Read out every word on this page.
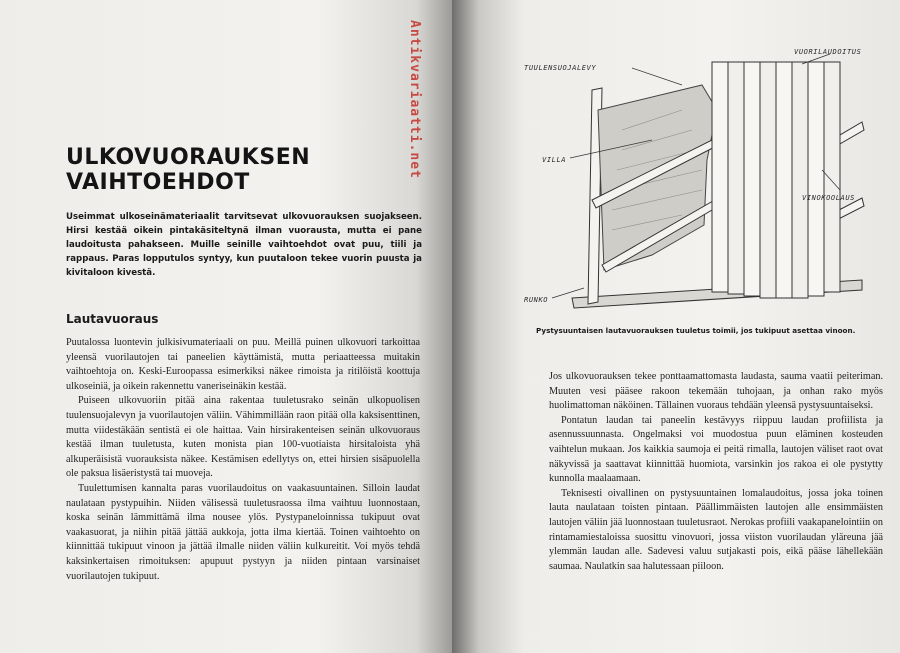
ULKOVUORAUKSEN
VAIHTOEHDOT

Useimmat ulkoseinämateriaalit tarvitsevat ulkovuorauksen suojakseen. Hirsi kestää oikein pintakäsiteltynä ilman vuorausta, mutta ei pane laudoitusta pahakseen. Muille seinille vaihtoehdot ovat puu, tiili ja rappaus. Paras lopputulos syntyy, kun puutaloon tekee vuorin puusta ja kivitaloon kivestä.

Lautavuoraus

Puutalossa luontevin julkisivumateriaali on puu. Meillä puinen ulkovuori tarkoittaa yleensä vuorilautojen tai paneelien käyttämistä, mutta periaatteessa muitakin vaihtoehtoja on. Keski-Euroopassa esimerkiksi näkee rimoista ja ritilöistä koottuja ulkoseiniä, ja oikein rakennettu vaneriseinäkin kestää.

Puiseen ulkovuoriin pitää aina rakentaa tuuletusrako seinän ulkopuolisen tuulensuojalevyn ja vuorilautojen väliin. Vähimmillään raon pitää olla kaksisenttinen, mutta viidestäkään sentistä ei ole haittaa. Vain hirsirakenteisen seinän ulkovuoraus kestää ilman tuuletusta, kuten monista pian 100-vuotiaista hirsitaloista yhä alkuperäisistä vuorauksista näkee. Kestämisen edellytys on, ettei hirsien sisäpuolella ole paksua lisäeristystä tai muoveja.

Tuulettumisen kannalta paras vuorilaudoitus on vaakasuuntainen. Silloin laudat naulataan pystypuihin. Niiden välisessä tuuletusraossa ilma vaihtuu luonnostaan, koska seinän lämmittämä ilma nousee ylös. Pystypaneloinnissa tukipuut ovat vaakasuorat, ja niihin pitää jättää aukkoja, jotta ilma kiertää. Toinen vaihtoehto on kiinnittää tukipuut vinoon ja jättää ilmalle niiden väliin kulkureitit. Voi myös tehdä kaksinkertaisen rimoituksen: apupuut pystyyn ja niiden pintaan varsinaiset vuorilautojen tukipuut.

Antikvariaatti.net	TUULENSUOJALEVY
VUORILAUDOITUS
VILLA
VINOKOOLAUS
RUNKO

Pystysuuntaisen lautavuorauksen tuuletus toimii, jos tukipuut asettaa vinoon.

Jos ulkovuorauksen tekee ponttaamattomasta laudasta, sauma vaatii peiteriman. Muuten vesi pääsee rakoon tekemään tuhojaan, ja onhan rako myös huolimattoman näköinen. Tällainen vuoraus tehdään yleensä pystysuuntaiseksi.

Pontatun laudan tai paneelin kestävyys riippuu laudan profiilista ja asennussuunnasta. Ongelmaksi voi muodostua puun eläminen kosteuden vaihtelun mukaan. Jos kaikkia saumoja ei peitä rimalla, lautojen väliset raot ovat näkyvissä ja saattavat kiinnittää huomiota, varsinkin jos rakoa ei ole pystytty kunnolla maalaamaan.

Teknisesti oivallinen on pystysuuntainen lomalaudoitus, jossa joka toinen lauta naulataan toisten pintaan. Päällimmäisten lautojen alle ensimmäisten lautojen väliin jää luonnostaan tuuletusraot. Nerokas profiili vaakapanelointiin on rintamamiestaloissa suosittu vinovuori, jossa viiston vuorilaudan yläreuna jää ylemmän laudan alle. Sadevesi valuu sutjakasti pois, eikä pääse lähellekään saumaa. Naulatkin saa halutessaan piiloon.
